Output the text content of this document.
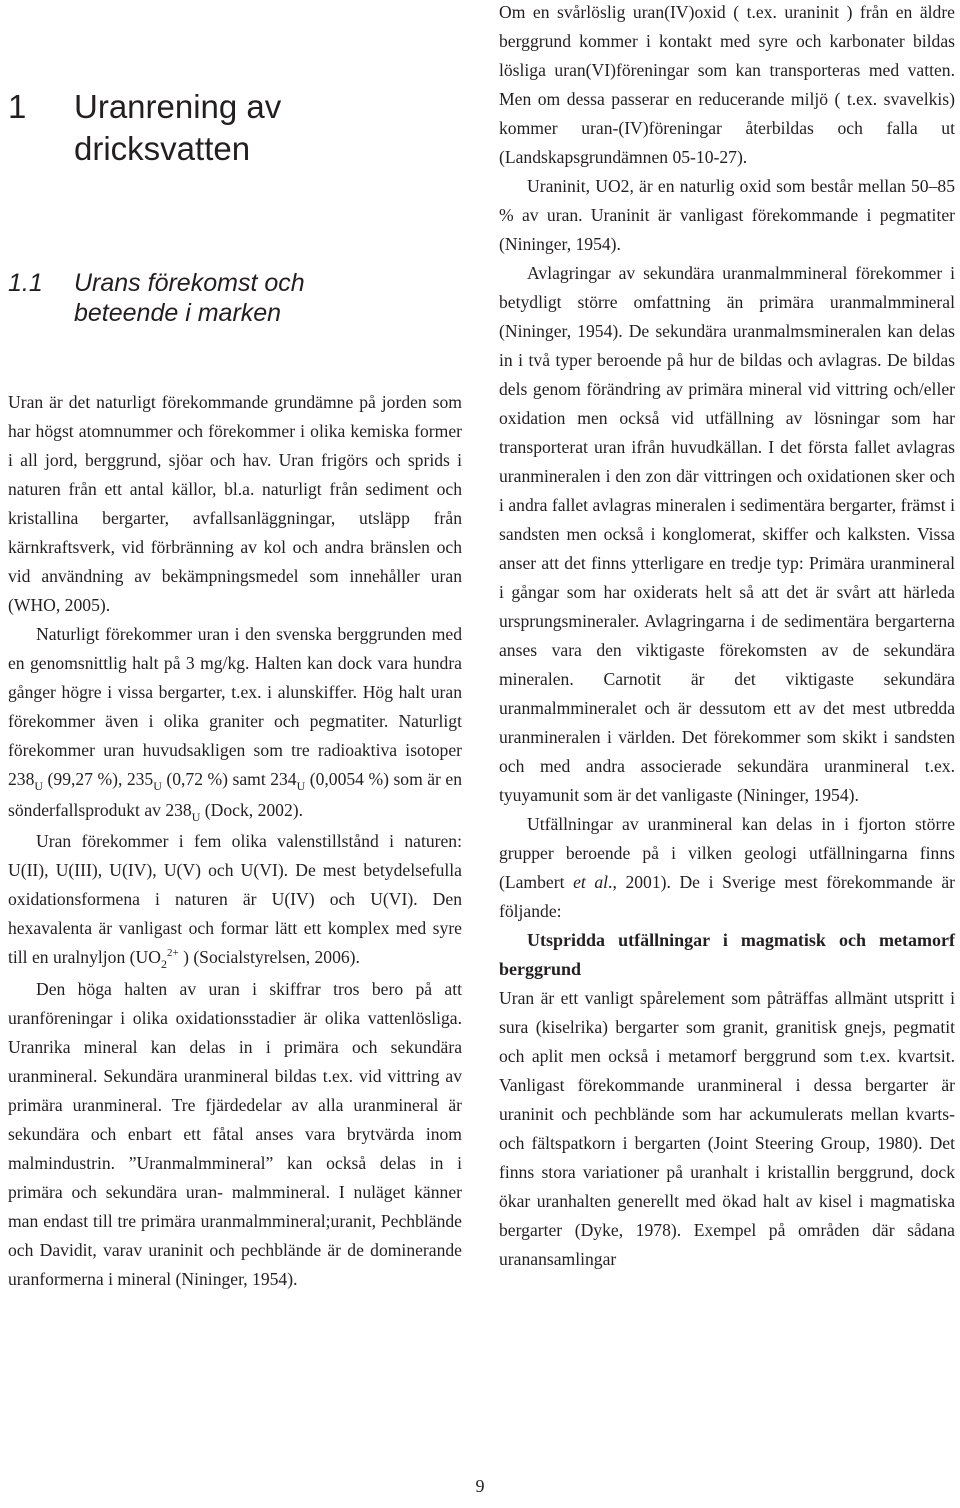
1 Uranrening av dricksvatten
1.1 Urans förekomst och beteende i marken

Uran är det naturligt förekommande grundämne på jorden som har högst atomnummer och förekommer i olika kemiska former i all jord, berggrund, sjöar och hav. Uran frigörs och sprids i naturen från ett antal källor, bl.a. naturligt från sediment och kristallina bergarter, avfallsanläggningar, utsläpp från kärnkraftsverk, vid förbränning av kol och andra bränslen och vid användning av bekämpningsmedel som innehåller uran (WHO, 2005).

Naturligt förekommer uran i den svenska berggrunden med en genomsnittlig halt på 3 mg/kg. Halten kan dock vara hundra gånger högre i vissa bergarter, t.ex. i alunskiffer. Hög halt uran förekommer även i olika graniter och pegmatiter. Naturligt förekommer uran huvudsakligen som tre radioaktiva isotoper $238_U$ (99,27 %), $235_U$ (0,72 %) samt $234_U$ (0,0054 %) som är en sönderfallsprodukt av $238_U$ (Dock, 2002).

Uran förekommer i fem olika valenstillstånd i naturen: U(II), U(III), U(IV), U(V) och U(VI). De mest betydelsefulla oxidationsformena i naturen är U(IV) och U(VI). Den hexavalenta är vanligast och formar lätt ett komplex med syre till en uralnyljon ($UO_2^{2+}$ ) (Socialstyrelsen, 2006).

Den höga halten av uran i skiffrar tros bero på att uranföreningar i olika oxidationsstadier är olika vattenlösliga. Uranrika mineral kan delas in i primära och sekundära uranmineral. Sekundära uranmineral bildas t.ex. vid vittring av primära uranmineral. Tre fjärdedelar av alla uranmineral är sekundära och enbart ett fåtal anses vara brytvärda inom malmindustrin. ”Uranmalmmineral” kan också delas in i primära och sekundära uran- malmmineral. I nuläget känner man endast till tre primära uranmalmmineral;uranit, Pechblände och Davidit, varav uraninit och pechblände är de dominerande uranformerna i mineral (Nininger, 1954).

Om en svårlöslig uran(IV)oxid ( t.ex. uraninit ) från en äldre berggrund kommer i kontakt med syre och karbonater bildas lösliga uran(VI)föreningar som kan transporteras med vatten. Men om dessa passerar en reducerande miljö ( t.ex. svavelkis) kommer uran-(IV)föreningar återbildas och falla ut (Landskapsgrundämnen 05-10-27).

Uraninit, UO2, är en naturlig oxid som består mellan 50–85 % av uran. Uraninit är vanligast förekommande i pegmatiter (Nininger, 1954).

Avlagringar av sekundära uranmalmmineral förekommer i betydligt större omfattning än primära uranmalmmineral (Nininger, 1954). De sekundära uranmalmsmineralen kan delas in i två typer beroende på hur de bildas och avlagras. De bildas dels genom förändring av primära mineral vid vittring och/eller oxidation men också vid utfällning av lösningar som har transporterat uran ifrån huvudkällan. I det första fallet avlagras uranmineralen i den zon där vittringen och oxidationen sker och i andra fallet avlagras mineralen i sedimentära bergarter, främst i sandsten men också i konglomerat, skiffer och kalksten. Vissa anser att det finns ytterligare en tredje typ: Primära uranmineral i gångar som har oxiderats helt så att det är svårt att härleda ursprungsmineraler. Avlagringarna i de sedimentära bergarterna anses vara den viktigaste förekomsten av de sekundära mineralen. Carnotit är det viktigaste sekundära uranmalmmineralet och är dessutom ett av det mest utbredda uranmineralen i världen. Det förekommer som skikt i sandsten och med andra associerade sekundära uranmineral t.ex. tyuyamunit som är det vanligaste (Nininger, 1954).

Utfällningar av uranmineral kan delas in i fjorton större grupper beroende på i vilken geologi utfällningarna finns (Lambert et al., 2001). De i Sverige mest förekommande är följande:

Utspridda utfällningar i magmatisk och metamorf berggrund

Uran är ett vanligt spårelement som påträffas allmänt utspritt i sura (kiselrika) bergarter som granit, granitisk gnejs, pegmatit och aplit men också i metamorf berggrund som t.ex. kvartsit. Vanligast förekommande uranmineral i dessa bergarter är uraninit och pechblände som har ackumulerats mellan kvarts- och fältspatkorn i bergarten (Joint Steering Group, 1980). Det finns stora variationer på uranhalt i kristallin berggrund, dock ökar uranhalten generellt med ökad halt av kisel i magmatiska bergarter (Dyke, 1978). Exempel på områden där sådana uranansamlingar

9
